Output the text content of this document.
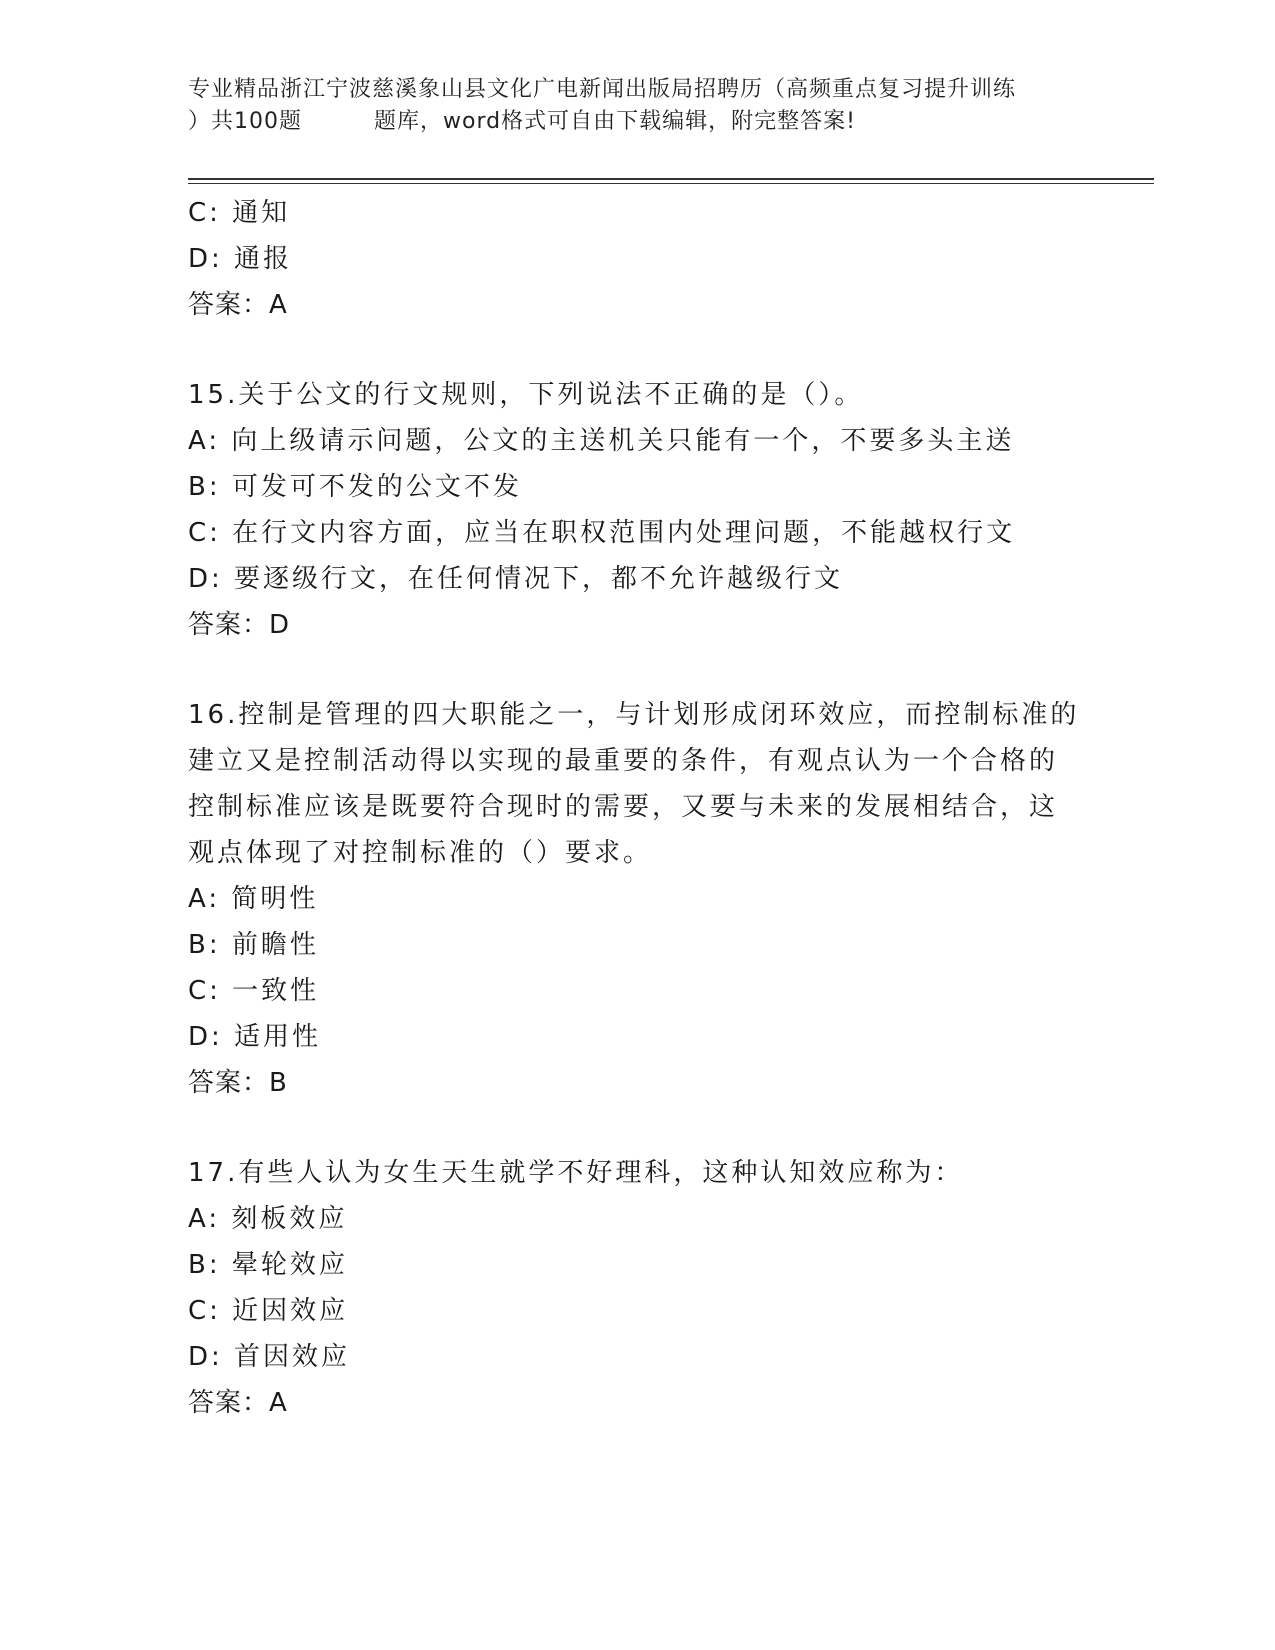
专业精品浙江宁波慈溪象山县文化广电新闻出版局招聘历（高频重点复习提升训练
）共100题	题库，word格式可自由下载编辑，附完整答案!
C: 通知
D: 通报
答案：A
15.关于公文的行文规则，下列说法不正确的是（）。
A: 向上级请示问题，公文的主送机关只能有一个，不要多头主送
B: 可发可不发的公文不发
C: 在行文内容方面，应当在职权范围内处理问题，不能越权行文
D: 要逐级行文，在任何情况下，都不允许越级行文
答案：D
16.控制是管理的四大职能之一，与计划形成闭环效应，而控制标准的
建立又是控制活动得以实现的最重要的条件，有观点认为一个合格的
控制标准应该是既要符合现时的需要，又要与未来的发展相结合，这
观点体现了对控制标准的（）要求。
A: 简明性
B: 前瞻性
C: 一致性
D: 适用性
答案：B
17.有些人认为女生天生就学不好理科，这种认知效应称为：
A: 刻板效应
B: 晕轮效应
C: 近因效应
D: 首因效应
答案：A
